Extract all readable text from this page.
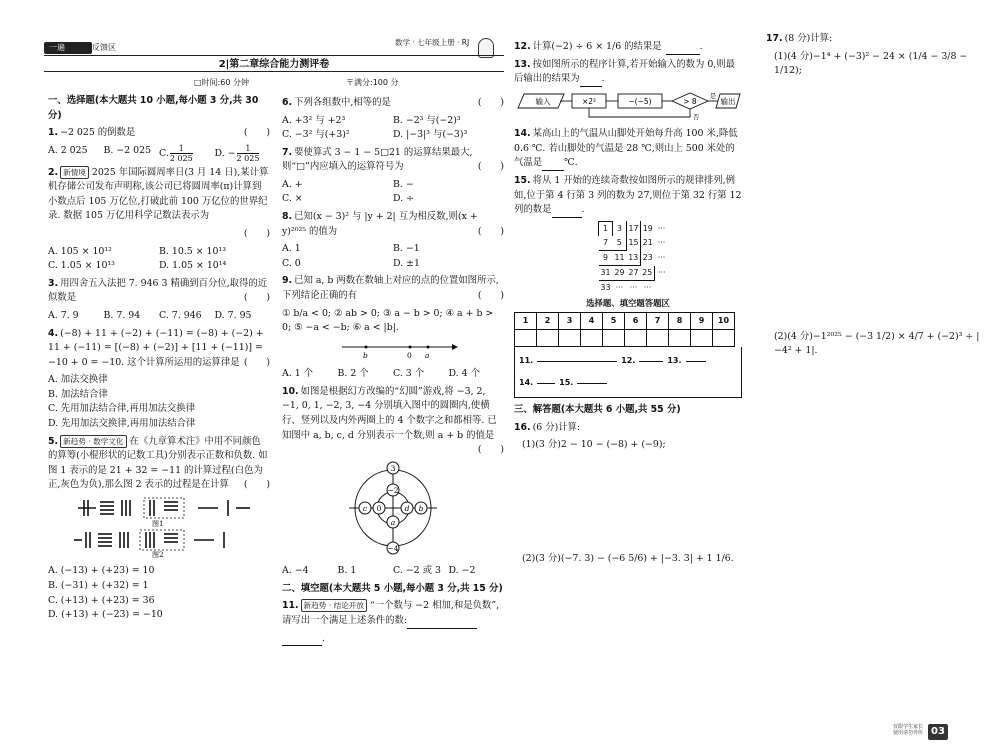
一遍	反馈区
数学 · 七年级上册 · RJ
2|第二章综合能力测评卷
□时间:60 分钟	〒满分:100 分
一、选择题(本大题共 10 小题,每小题 3 分,共 30 分)
1. −2 025 的倒数是	(　　)
A. 2 025	B. −2 025 C. $\frac{1}{2 025} D$. − $\frac{1}{2 025}$
2. 新情境 2025 年国际圆周率日(3 月 14 日),某计算机存储公司发布声明称,该公司已将圆周率(π)计算到小数点后 105 万亿位,打破此前 100 万亿位的世界纪录. 数据 105 万亿用科学记数法表示为
(　　)
A. 105 × 10¹²	B. 10.5 × 10¹³
C. 1.05 × 10¹³	D. 1.05 × 10¹⁴
3. 用四舍五入法把 7. 946 3 精确到百分位,取得的近似数是	(　　)
A. 7. 9	B. 7. 94	C. 7. 946	D. 7. 95
4. (−8) + 11 + (−2) + (−11) = (−8) + (−2) + 11 + (−11) = [(−8) + (−2)] + [11 + (−11)] = −10 + 0 = −10. 这个计算所运用的运算律是 (　　)
A. 加法交换律
B. 加法结合律
C. 先用加法结合律,再用加法交换律
D. 先用加法交换律,再用加法结合律
5. 新趋势 · 数学文化 在《九章算术注》中用不同颜色的算筹(小棍形状的记数工具)分别表示正数和负数. 如图 1 表示的是 21 + 32 = −11 的计算过程(白色为正,灰色为负),那么图 2 表示的过程是在计算 (　　)
图1
图2
A. (−13) + (+23) = 10
B. (−31) + (+32) = 1
C. (+13) + (+23) = 36
D. (+13) + (−23) = −10
6. 下列各组数中,相等的是	(　　)
A. +3² 与 +2³	B. −2³ 与(−2)³
C. −3² 与(+3)²	D. |−3|³ 与(−3)³
7. 要使算式 3 − 1 − 5□21 的运算结果最大,则“□”内应填入的运算符号为	(　　)
A. +	B. −
C. ×	D. ÷
8. 已知(x − 3)² 与 |y + 2| 互为相反数,则(x + y)²⁰²⁵ 的值为	(　　)
A. 1	B. −1
C. 0	D. ±1
9. 已知 a, b 两数在数轴上对应的点的位置如图所示,下列结论正确的有	(　　)
① b/a < 0; ② ab > 0; ③ a − b > 0; ④ a + b > 0; ⑤ −a < −b; ⑥ a < |b|.
b	0 a
A. 1 个	B. 2 个	C. 3 个	D. 4 个
10. 如图是根据幻方改编的“幻圆”游戏,将 −3, 2, −1, 0, 1, −2, 3, −4 分别填入图中的圆圈内,使横行、竖列以及内外两圈上的 4 个数字之和都相等. 已知图中 a, b, c, d 分别表示一个数,则 a + b 的值是
(　　)
3
−2
c 0	d
a
b
−4
A. −4	B. 1	C. −2 或 3 D. −2
二、填空题(本大题共 5 小题,每小题 3 分,共 15 分)
11. 新趋势 · 结论开放 “一个数与 −2 相加,和是负数”,请写出一个满足上述条件的数:
.
12. 计算(−2) ÷ 6 × 1/6 的结果是	.
13. 按如图所示的程序计算,若开始输入的数为 0,则最后输出的结果为 .
输入	×2²	−(−5)	> 8
是
否
输出
14. 某高山上的气温从山脚处开始每升高 100 米,降低 0.6 ℃. 若山脚处的气温是 28 ℃,则山上 500 米处的气温是 ℃.
15. 将从 1 开始的连续奇数按如图所示的规律排列,例如,位于第 4 行第 3 列的数为 27,则位于第 32 行第 12 列的数是	.
1	3	17	19	···
7	5	15	21	···
9	11	13	23	···
31	29	27	25	···
33	···	···	···	
选择题、填空题答题区
1	2	3	4	5	6	7	8	9	10

11.	12.	13.
14.	15.
三、解答题(本大题共 6 小题,共 55 分)
16. (6 分)计算:
(1)(3 分)2 − 10 − (−8) + (−9);
(2)(3 分)(−7. 3) − (−6 5/6) + |−3. 3| + 1 1/6.
17. (8 分)计算:
(1)(4 分)−1⁴ + (−3)² − 24 × (1/4 − 3/8 − 1/12);
(2)(4 分)−1²⁰²⁵ − (−3 1/2) × 4/7 + (−2)³ ÷ |−4² + 1|.
仅限学生家长使用请勿外传 03
